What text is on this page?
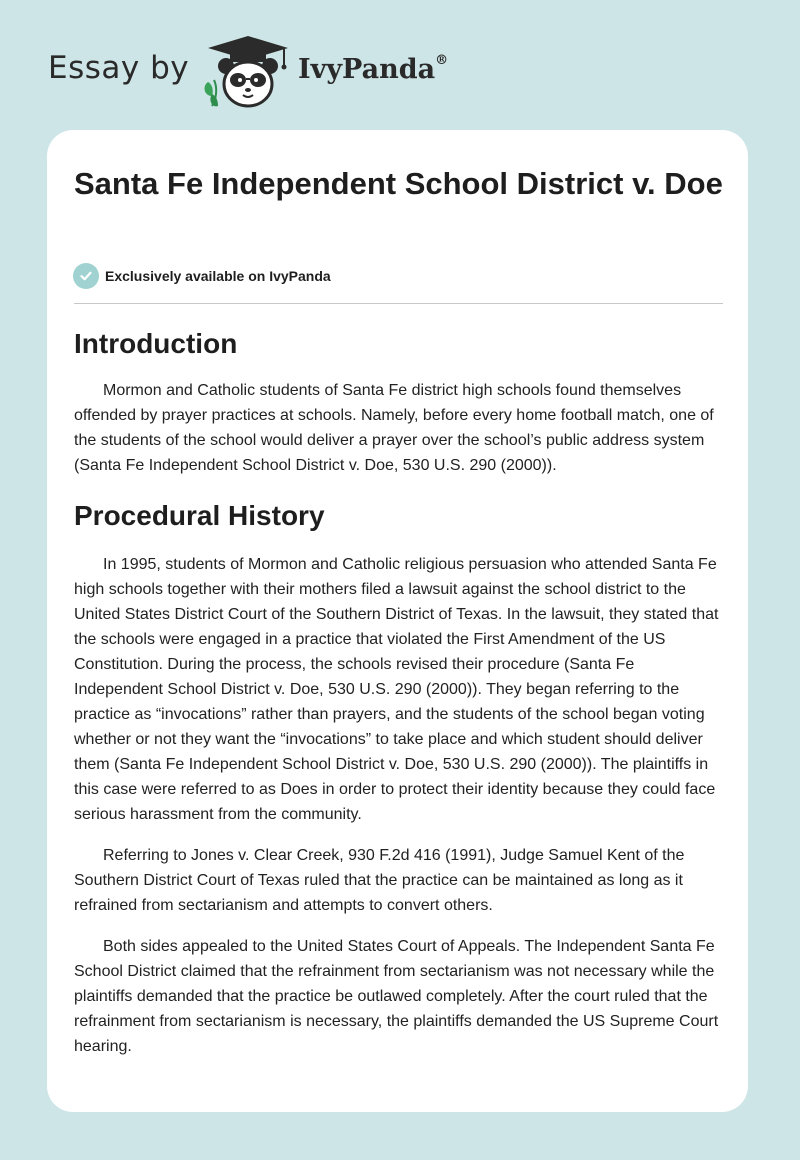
Essay by	IvyPanda®
Santa Fe Independent School District v. Doe
Exclusively available on IvyPanda
Introduction

Mormon and Catholic students of Santa Fe district high schools found themselves offended by prayer practices at schools. Namely, before every home football match, one of the students of the school would deliver a prayer over the school’s public address system (Santa Fe Independent School District v. Doe, 530 U.S. 290 (2000)).

Procedural History

In 1995, students of Mormon and Catholic religious persuasion who attended Santa Fe high schools together with their mothers filed a lawsuit against the school district to the United States District Court of the Southern District of Texas. In the lawsuit, they stated that the schools were engaged in a practice that violated the First Amendment of the US Constitution. During the process, the schools revised their procedure (Santa Fe Independent School District v. Doe, 530 U.S. 290 (2000)). They began referring to the practice as “invocations” rather than prayers, and the students of the school began voting whether or not they want the “invocations” to take place and which student should deliver them (Santa Fe Independent School District v. Doe, 530 U.S. 290 (2000)). The plaintiffs in this case were referred to as Does in order to protect their identity because they could face serious harassment from the community.

Referring to Jones v. Clear Creek, 930 F.2d 416 (1991), Judge Samuel Kent of the Southern District Court of Texas ruled that the practice can be maintained as long as it refrained from sectarianism and attempts to convert others.

Both sides appealed to the United States Court of Appeals. The Independent Santa Fe School District claimed that the refrainment from sectarianism was not necessary while the plaintiffs demanded that the practice be outlawed completely. After the court ruled that the refrainment from sectarianism is necessary, the plaintiffs demanded the US Supreme Court hearing.
